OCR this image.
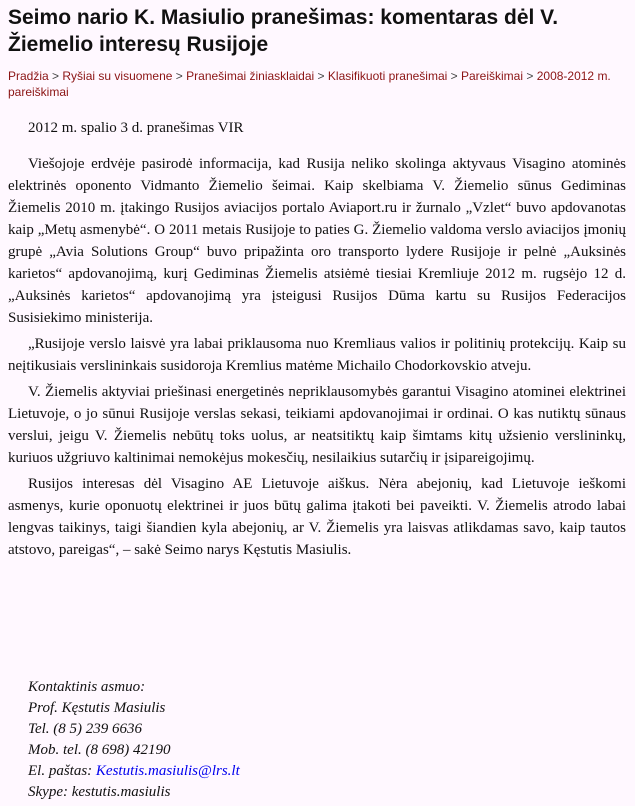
Seimo nario K. Masiulio pranešimas: komentaras dėl V. Žiemelio interesų Rusijoje
Pradžia > Ryšiai su visuomene > Pranešimai žiniasklaidai > Klasifikuoti pranešimai > Pareiškimai > 2008-2012 m. pareiškimai

2012 m. spalio 3 d. pranešimas VIR

Viešojoje erdvėje pasirodė informacija, kad Rusija neliko skolinga aktyvaus Visagino atominės elektrinės oponento Vidmanto Žiemelio šeimai. Kaip skelbiama V. Žiemelio sūnus Gediminas Žiemelis 2010 m. įtakingo Rusijos aviacijos portalo Aviaport.ru ir žurnalo „Vzlet“ buvo apdovanotas kaip „Metų asmenybė“. O 2011 metais Rusijoje to paties G. Žiemelio valdoma verslo aviacijos įmonių grupė „Avia Solutions Group“ buvo pripažinta oro transporto lydere Rusijoje ir pelnė „Auksinės karietos“ apdovanojimą, kurį Gediminas Žiemelis atsiėmė tiesiai Kremliuje 2012 m. rugsėjo 12 d. „Auksinės karietos“ apdovanojimą yra įsteigusi Rusijos Dūma kartu su Rusijos Federacijos Susisiekimo ministerija.

„Rusijoje verslo laisvė yra labai priklausoma nuo Kremliaus valios ir politinių protekcijų. Kaip su neįtikusiais verslininkais susidoroja Kremlius matėme Michailo Chodorkovskio atveju.

V. Žiemelis aktyviai priešinasi energetinės nepriklausomybės garantui Visagino atominei elektrinei Lietuvoje, o jo sūnui Rusijoje verslas sekasi, teikiami apdovanojimai ir ordinai. O kas nutiktų sūnaus verslui, jeigu V. Žiemelis nebūtų toks uolus, ar neatsitiktų kaip šimtams kitų užsienio verslininkų, kuriuos užgriuvo kaltinimai nemokėjus mokesčių, nesilaikius sutarčių ir įsipareigojimų.

Rusijos interesas dėl Visagino AE Lietuvoje aiškus. Nėra abejonių, kad Lietuvoje ieškomi asmenys, kurie oponuotų elektrinei ir juos būtų galima įtakoti bei paveikti. V. Žiemelis atrodo labai lengvas taikinys, taigi šiandien kyla abejonių, ar V. Žiemelis yra laisvas atlikdamas savo, kaip tautos atstovo, pareigas“, – sakė Seimo narys Kęstutis Masiulis.

Kontaktinis asmuo:
Prof. Kęstutis Masiulis
Tel. (8 5) 239 6636
Mob. tel. (8 698) 42190
El. paštas: Kestutis.masiulis@lrs.lt
Skype: kestutis.masiulis
